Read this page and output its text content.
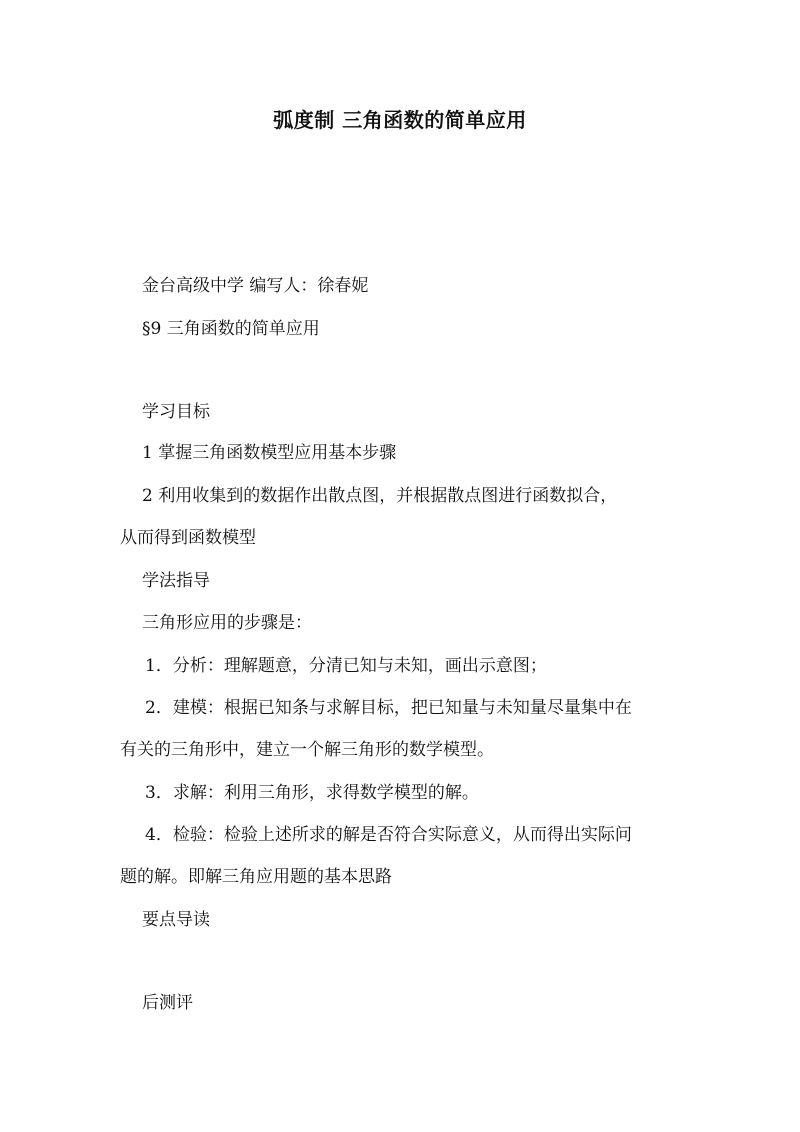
弧度制 三角函数的简单应用
金台高级中学 编写人：徐春妮
§9 三角函数的简单应用
学习目标
1 掌握三角函数模型应用基本步骤
2 利用收集到的数据作出散点图，并根据散点图进行函数拟合，
从而得到函数模型
学法指导
三角形应用的步骤是：
1．分析：理解题意，分清已知与未知，画出示意图；
2．建模：根据已知条与求解目标，把已知量与未知量尽量集中在
有关的三角形中，建立一个解三角形的数学模型。
3．求解：利用三角形，求得数学模型的解。
4．检验：检验上述所求的解是否符合实际意义，从而得出实际问
题的解。即解三角应用题的基本思路
要点导读
后测评
